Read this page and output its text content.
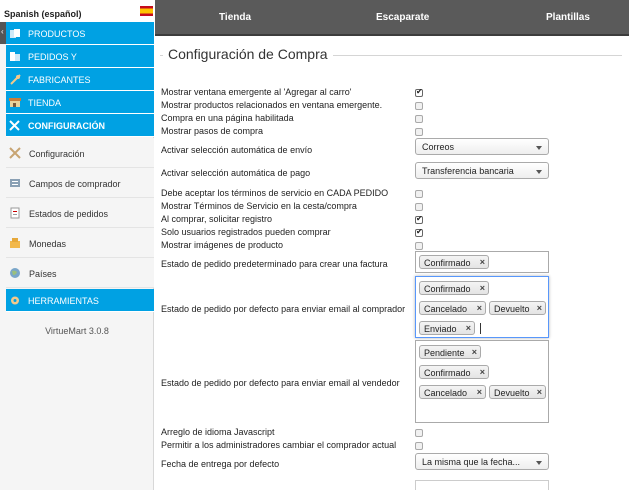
Spanish (español)
‹	PRODUCTOS
PEDIDOS Y
FABRICANTES
TIENDA
CONFIGURACIÓN
Configuración
Campos de comprador
Estados de pedidos
Monedas
Países
HERRAMIENTAS
VirtueMart 3.0.8
Tienda	Escaparate	Plantillas
Configuración de Compra
Mostrar ventana emergente al 'Agregar al carro'
✔
Mostrar productos relacionados en ventana emergente.
Compra en una página habilitada
Mostrar pasos de compra
Activar selección automática de envío	Correos
Activar selección automática de pago	Transferencia bancaria
Debe aceptar los términos de servicio en CADA PEDIDO
Mostrar Términos de Servicio en la cesta/compra
Al comprar, solicitar registro
✔
Solo usuarios registrados pueden comprar
✔
Mostrar imágenes de producto
Estado de pedido predeterminado para crear una factura	Confirmado ×
Estado de pedido por defecto para enviar email al comprador
Confirmado ×
Cancelado × Devuelto ×
Enviado ×
Estado de pedido por defecto para enviar email al vendedor
Pendiente ×
Confirmado ×
Cancelado × Devuelto ×
Arreglo de idioma Javascript
Permitir a los administradores cambiar el comprador actual
Fecha de entrega por defecto	La misma que la fecha...
